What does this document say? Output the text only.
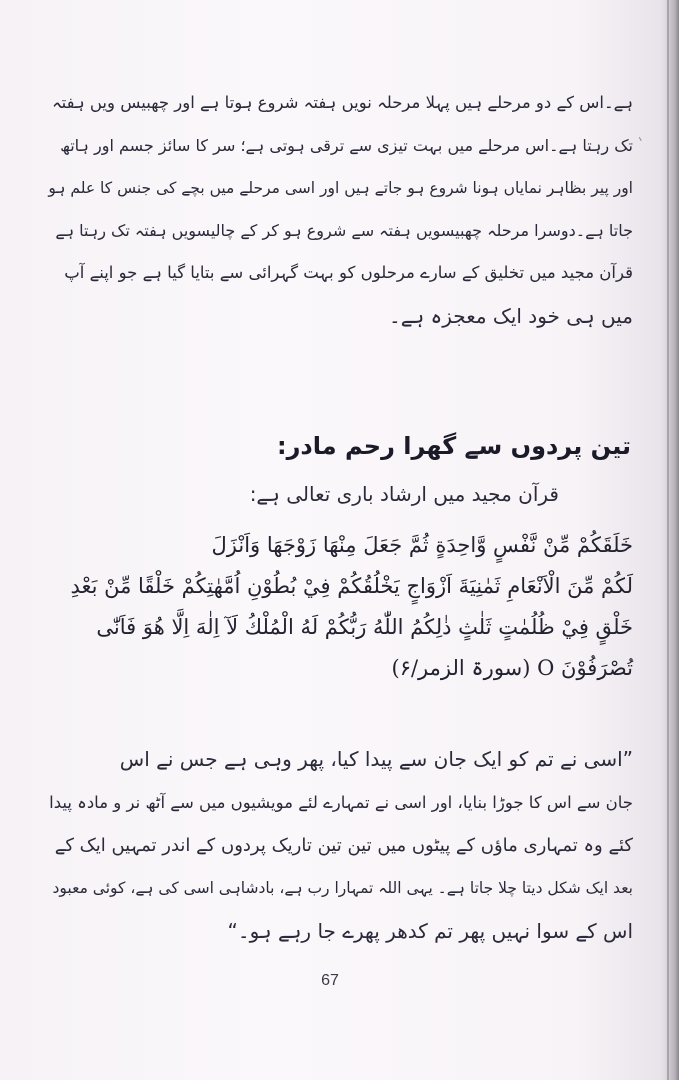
ہے۔اس کے دو مرحلے ہیں پہلا مرحلہ نویں ہفتہ شروع ہوتا ہے اور چھبیس ویں ہفتہ
تک رہتا ہے۔اس مرحلے میں بہت تیزی سے ترقی ہوتی ہے؛ سر کا سائز جسم اور ہاتھ
اور پیر بظاہر نمایاں ہونا شروع ہو جاتے ہیں اور اسی مرحلے میں بچے کی جنس کا علم ہو
جاتا ہے۔دوسرا مرحلہ چھبیسویں ہفتہ سے شروع ہو کر کے چالیسویں ہفتہ تک رہتا ہے
قرآن مجید میں تخلیق کے سارے مرحلوں کو بہت گہرائی سے بتایا گیا ہے جو اپنے آپ
میں ہی خود ایک معجزہ ہے۔
تین پردوں سے گھرا رحم مادر:
قرآن مجید میں ارشاد باری تعالی ہے:
خَلَقَكُمْ مِّنْ نَّفْسٍ وَّاحِدَةٍ ثُمَّ جَعَلَ مِنْهَا زَوْجَهَا وَاَنْزَلَ
لَكُمْ مِّنَ الْاَنْعَامِ ثَمٰنِيَةَ اَزْوَاجٍ يَخْلُقُكُمْ فِيْ بُطُوْنِ اُمَّهٰتِكُمْ خَلْقًا مِّنْ بَعْدِ
خَلْقٍ فِيْ ظُلُمٰتٍ ثَلٰثٍ ذٰلِكُمُ اللّٰهُ رَبُّكُمْ لَهُ الْمُلْكُ لَآ اِلٰهَ اِلَّا هُوَ فَاَنّٰى
تُصْرَفُوْنَ O (سورۃ الزمر/۶)
”اسی نے تم کو ایک جان سے پیدا کیا، پھر وہی ہے جس نے اس
جان سے اس کا جوڑا بنایا، اور اسی نے تمہارے لئے مویشیوں میں سے آٹھ نر و مادہ پیدا
کئے وہ تمہاری ماؤں کے پیٹوں میں تین تین تاریک پردوں کے اندر تمہیں ایک کے
بعد ایک شکل دیتا چلا جاتا ہے۔ یہی اللہ تمہارا رب ہے، بادشاہی اسی کی ہے، کوئی معبود
اس کے سوا نہیں پھر تم کدھر پھرے جا رہے ہو۔“
67
